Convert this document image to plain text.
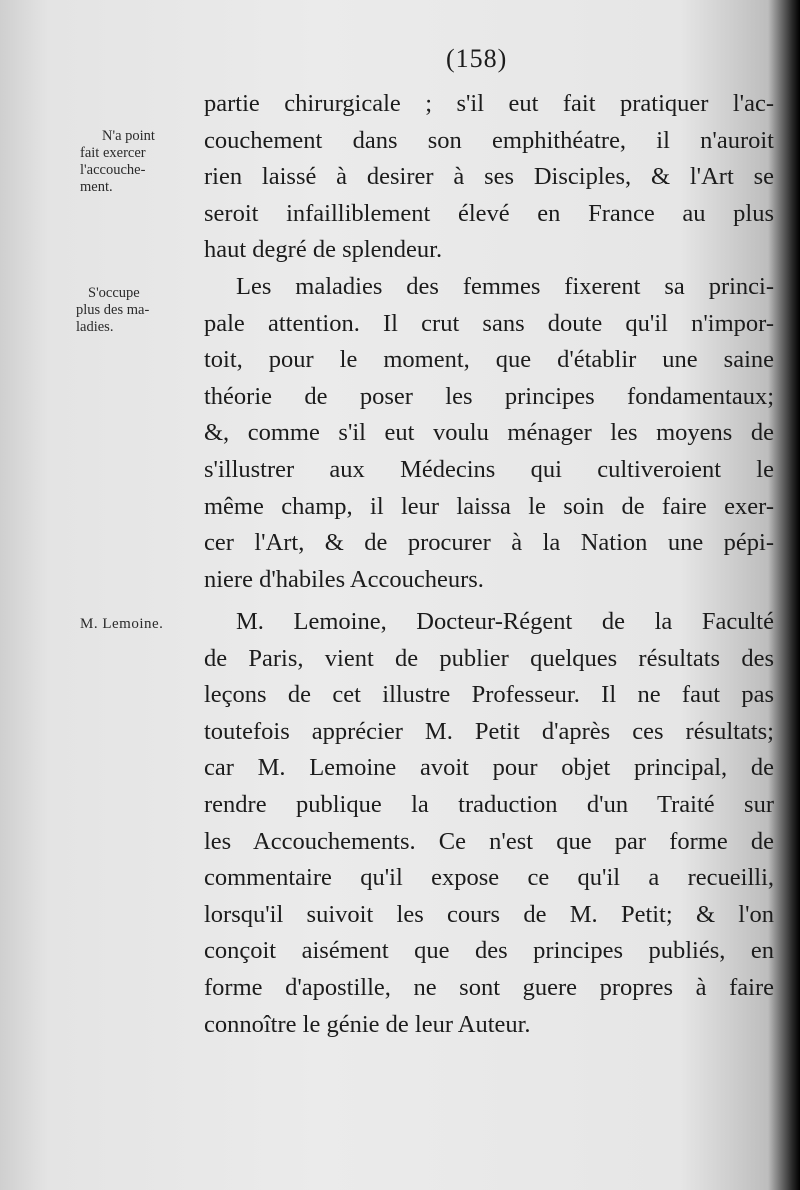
(158)
N'a point
fait exercer
l'accouche-
ment.
S'occupe
plus des ma-
ladies.
M. Lemoine.
partie chirurgicale ; s'il eut fait pratiquer l'ac-
couchement dans son emphithéatre, il n'auroit
rien laissé à desirer à ses Disciples, & l'Art se
seroit infailliblement élevé en France au plus
haut degré de splendeur.
Les maladies des femmes fixerent sa princi-
pale attention. Il crut sans doute qu'il n'impor-
toit, pour le moment, que d'établir une saine
théorie de poser les principes fondamentaux;
&, comme s'il eut voulu ménager les moyens de
s'illustrer aux Médecins qui cultiveroient le
même champ, il leur laissa le soin de faire exer-
cer l'Art, & de procurer à la Nation une pépi-
niere d'habiles Accoucheurs.
M. Lemoine, Docteur-Régent de la Faculté
de Paris, vient de publier quelques résultats des
leçons de cet illustre Professeur. Il ne faut pas
toutefois apprécier M. Petit d'après ces résultats;
car M. Lemoine avoit pour objet principal, de
rendre publique la traduction d'un Traité sur
les Accouchements. Ce n'est que par forme de
commentaire qu'il expose ce qu'il a recueilli,
lorsqu'il suivoit les cours de M. Petit; & l'on
conçoit aisément que des principes publiés, en
forme d'apostille, ne sont guere propres à faire
connoître le génie de leur Auteur.
